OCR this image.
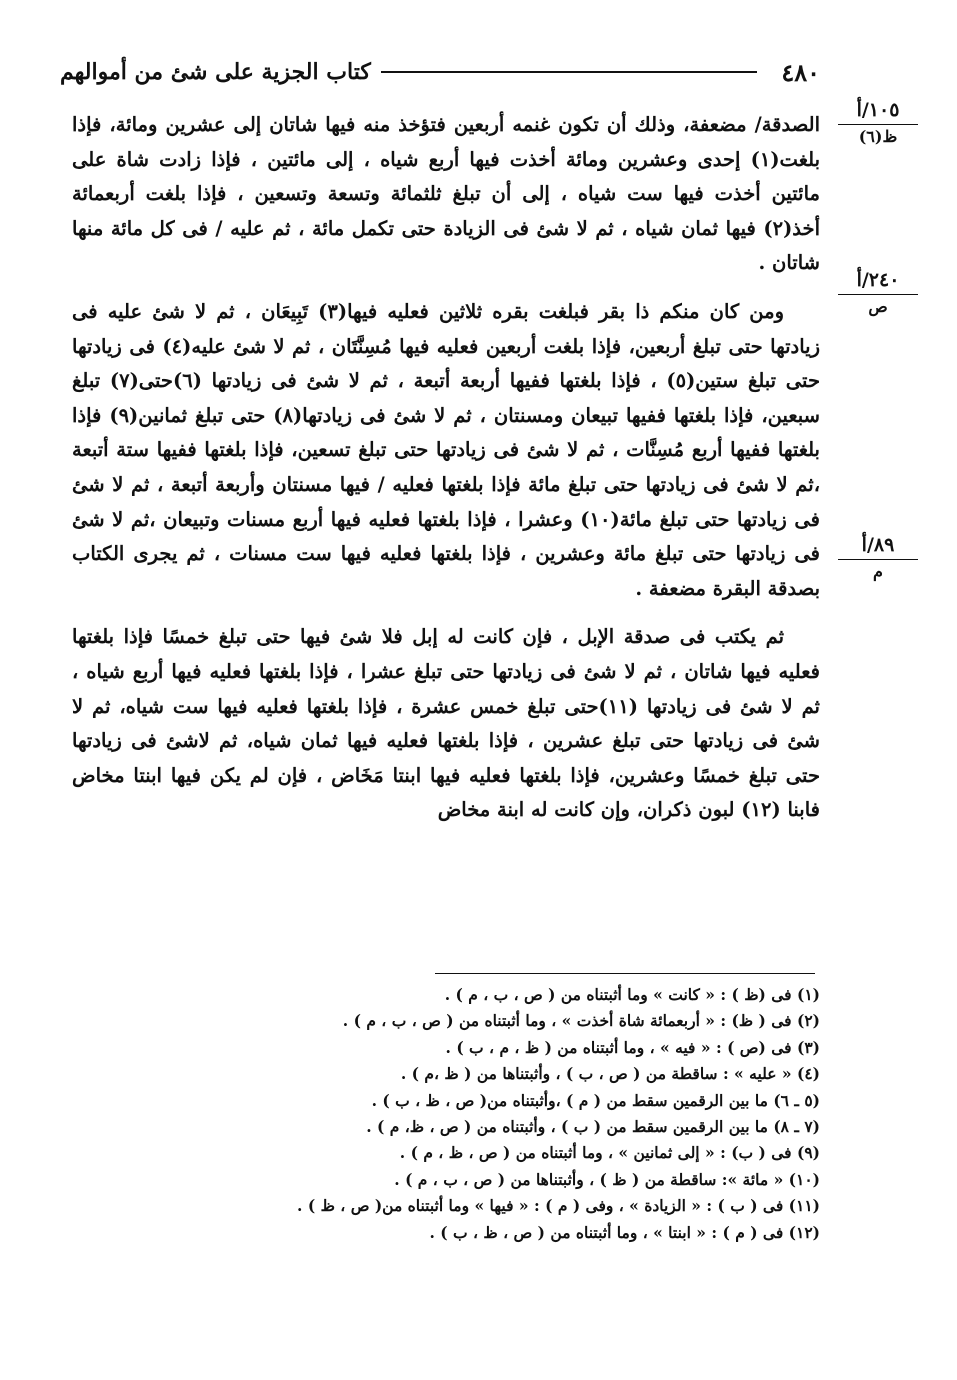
٤٨٠
كتاب الجزية على شئ من أموالهم
١٠٥/أ
ظ(٦)
٢٤٠/أ
ص
٨٩/أ
م

الصدقة/ مضعفة، وذلك أن تكون غنمه أربعين فتؤخذ منه فيها شاتان إلى عشرين ومائة، فإذا بلغت(١) إحدى وعشرين ومائة أخذت فيها أربع شياه ، إلى مائتين ، فإذا زادت شاة على مائتين أخذت فيها ست شياه ، إلى أن تبلغ ثلثمائة وتسعة وتسعين ، فإذا بلغت أربعمائة أخذ(٢) فيها ثمان شياه ، ثم لا شئ فى الزيادة حتى تكمل مائة ، ثم عليه / فى كل مائة منها شاتان .

ومن كان منكم ذا بقر فبلغت بقره ثلاثين فعليه فيها(٣) تَبِيعَان ، ثم لا شئ عليه فى زيادتها حتى تبلغ أربعين، فإذا بلغت أربعين فعليه فيها مُسِنَّتَان ، ثم لا شئ عليه(٤) فى زيادتها حتى تبلغ ستين(٥) ، فإذا بلغتها ففيها أربعة أتبعة ، ثم لا شئ فى زيادتها (٦)حتى(٧) تبلغ سبعين، فإذا بلغتها ففيها تبيعان ومسنتان ، ثم لا شئ فى زيادتها(٨) حتى تبلغ ثمانين(٩) فإذا بلغتها ففيها أربع مُسِنَّات ، ثم لا شئ فى زيادتها حتى تبلغ تسعين، فإذا بلغتها ففيها ستة أتبعة ،ثم لا شئ فى زيادتها حتى تبلغ مائة فإذا بلغتها فعليه / فيها مسنتان وأربعة أتبعة ، ثم لا شئ فى زيادتها حتى تبلغ مائة(١٠) وعشرا ، فإذا بلغتها فعليه فيها أربع مسنات وتبيعان ،ثم لا شئ فى زيادتها حتى تبلغ مائة وعشرين ، فإذا بلغتها فعليه فيها ست مسنات ، ثم يجرى الكتاب بصدقة البقرة مضعفة .

ثم يكتب فى صدقة الإبل ، فإن كانت له إبل فلا شئ فيها حتى تبلغ خمسًا فإذا بلغتها فعليه فيها شاتان ، ثم لا شئ فى زيادتها حتى تبلغ عشرا ، فإذا بلغتها فعليه فيها أربع شياه ، ثم لا شئ فى زيادتها (١١)حتى تبلغ خمس عشرة ، فإذا بلغتها فعليه فيها ست شياه، ثم لا شئ فى زيادتها حتى تبلغ عشرين ، فإذا بلغتها فعليه فيها ثمان شياه، ثم لاشئ فى زيادتها حتى تبلغ خمسًا وعشرين، فإذا بلغتها فعليه فيها ابنتا مَخَاض ، فإن لم يكن فيها ابنتا مخاض فابنا (١٢) لبون ذكران، وإن كانت له ابنة مخاض

(١) فى (ظ ) : « كانت » وما أثبتناه من ( ص ، ب ، م ) .
(٢) فى ( ظ) : « أربعمائة شاة أخذت » ، وما أثبتناه من ( ص ، ب ، م ) .
(٣) فى (ص ) : « فيه » ، وما أثبتناه من ( ظ ، م ، ب ) .
(٤) « عليه » : ساقطة من ( ص ، ب ) ، وأثبتناها من ( ظ ،م ) .
(٥ ـ ٦) ما بين الرقمين سقط من ( م ) ،وأثبتناه من( ص ، ظ ، ب ) .
(٧ ـ ٨) ما بين الرقمين سقط من ( ب ) ، وأثبتناه من ( ص ، ظ، م ) .
(٩) فى ( ب) : « إلى ثمانين » ، وما أثبتناه من ( ص ، ظ ، م ) .
(١٠) « مائة »: ساقطة من ( ظ ) ، وأثبتناها من ( ص ، ب ، م ) .
(١١) فى ( ب ) : « الزيادة » ، وفى ( م ) : « فيها » وما أثبتناه من( ص ، ظ ) .
(١٢) فى ( م ) : « ابنتا » ، وما أثبتناه من ( ص ، ظ ، ب ) .
